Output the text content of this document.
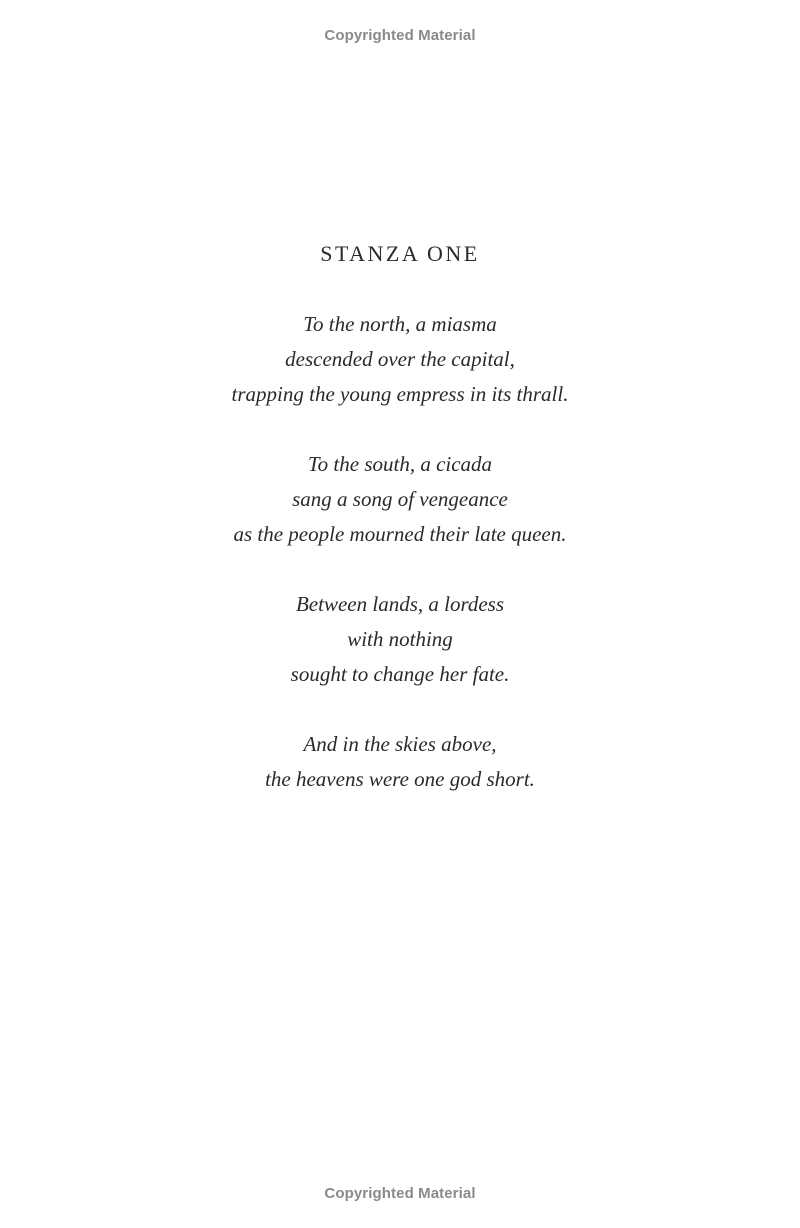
Copyrighted Material
STANZA ONE
To the north, a miasma
descended over the capital,
trapping the young empress in its thrall.
To the south, a cicada
sang a song of vengeance
as the people mourned their late queen.
Between lands, a lordess
with nothing
sought to change her fate.
And in the skies above,
the heavens were one god short.
Copyrighted Material
